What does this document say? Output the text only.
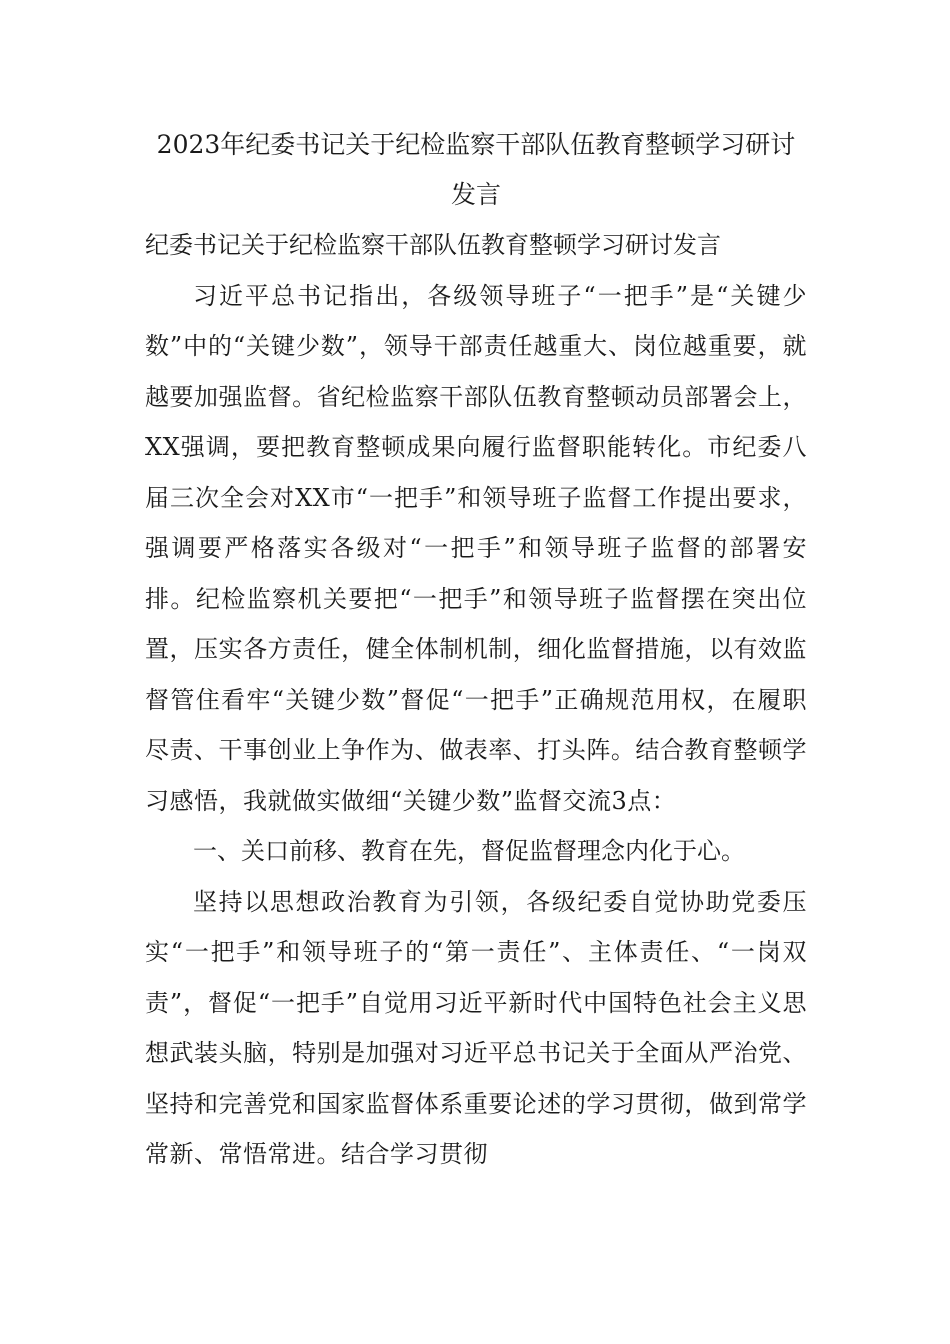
2023年纪委书记关于纪检监察干部队伍教育整顿学习研讨发言

纪委书记关于纪检监察干部队伍教育整顿学习研讨发言

习近平总书记指出，各级领导班子“一把手”是“关键少数”中的“关键少数”，领导干部责任越重大、岗位越重要，就越要加强监督。省纪检监察干部队伍教育整顿动员部署会上，XX强调，要把教育整顿成果向履行监督职能转化。市纪委八届三次全会对XX市“一把手”和领导班子监督工作提出要求，强调要严格落实各级对“一把手”和领导班子监督的部署安排。纪检监察机关要把“一把手”和领导班子监督摆在突出位置，压实各方责任，健全体制机制，细化监督措施，以有效监督管住看牢“关键少数”督促“一把手”正确规范用权，在履职尽责、干事创业上争作为、做表率、打头阵。结合教育整顿学习感悟，我就做实做细“关键少数”监督交流3点：

一、关口前移、教育在先，督促监督理念内化于心。

坚持以思想政治教育为引领，各级纪委自觉协助党委压实“一把手”和领导班子的“第一责任”、主体责任、“一岗双责”，督促“一把手”自觉用习近平新时代中国特色社会主义思想武装头脑，特别是加强对习近平总书记关于全面从严治党、坚持和完善党和国家监督体系重要论述的学习贯彻，做到常学常新、常悟常进。结合学习贯彻
